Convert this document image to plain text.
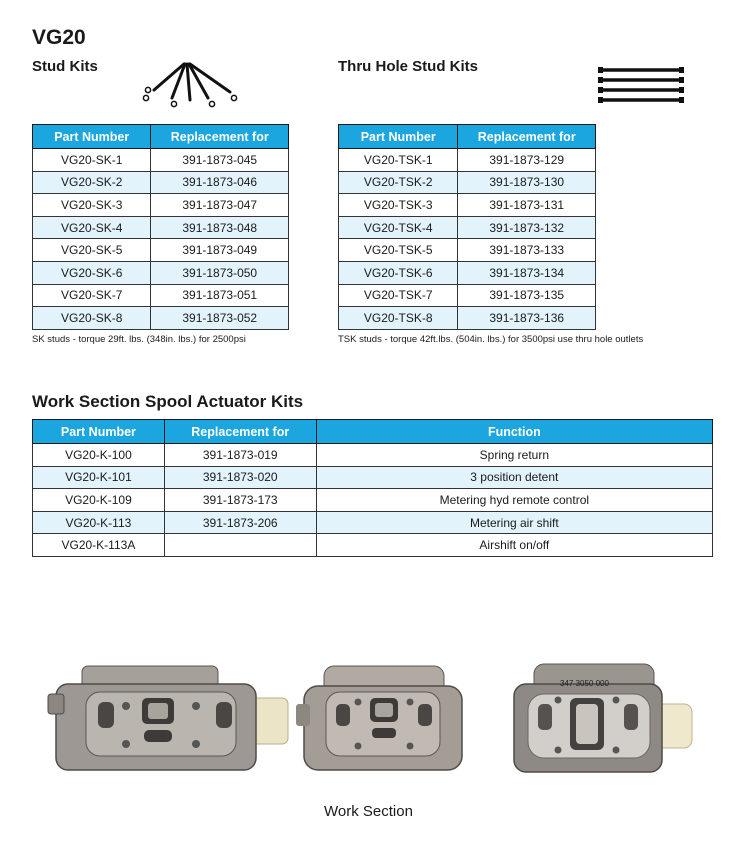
VG20
Stud Kits
Part Number	Replacement for
VG20-SK-1	391-1873-045
VG20-SK-2	391-1873-046
VG20-SK-3	391-1873-047
VG20-SK-4	391-1873-048
VG20-SK-5	391-1873-049
VG20-SK-6	391-1873-050
VG20-SK-7	391-1873-051
VG20-SK-8	391-1873-052
SK studs - torque 29ft. lbs. (348in. lbs.) for 2500psi
Thru Hole Stud Kits
Part Number	Replacement for
VG20-TSK-1	391-1873-129
VG20-TSK-2	391-1873-130
VG20-TSK-3	391-1873-131
VG20-TSK-4	391-1873-132
VG20-TSK-5	391-1873-133
VG20-TSK-6	391-1873-134
VG20-TSK-7	391-1873-135
VG20-TSK-8	391-1873-136
TSK studs - torque 42ft.lbs. (504in. lbs.) for 3500psi use thru hole outlets
Work Section Spool Actuator Kits
Part Number	Replacement for	Function
VG20-K-100	391-1873-019	Spring return
VG20-K-101	391-1873-020	3 position detent
VG20-K-109	391-1873-173	Metering hyd remote control
VG20-K-113	391-1873-206	Metering air shift
VG20-K-113A		Airshift on/off
347 3050 000
Work Section
